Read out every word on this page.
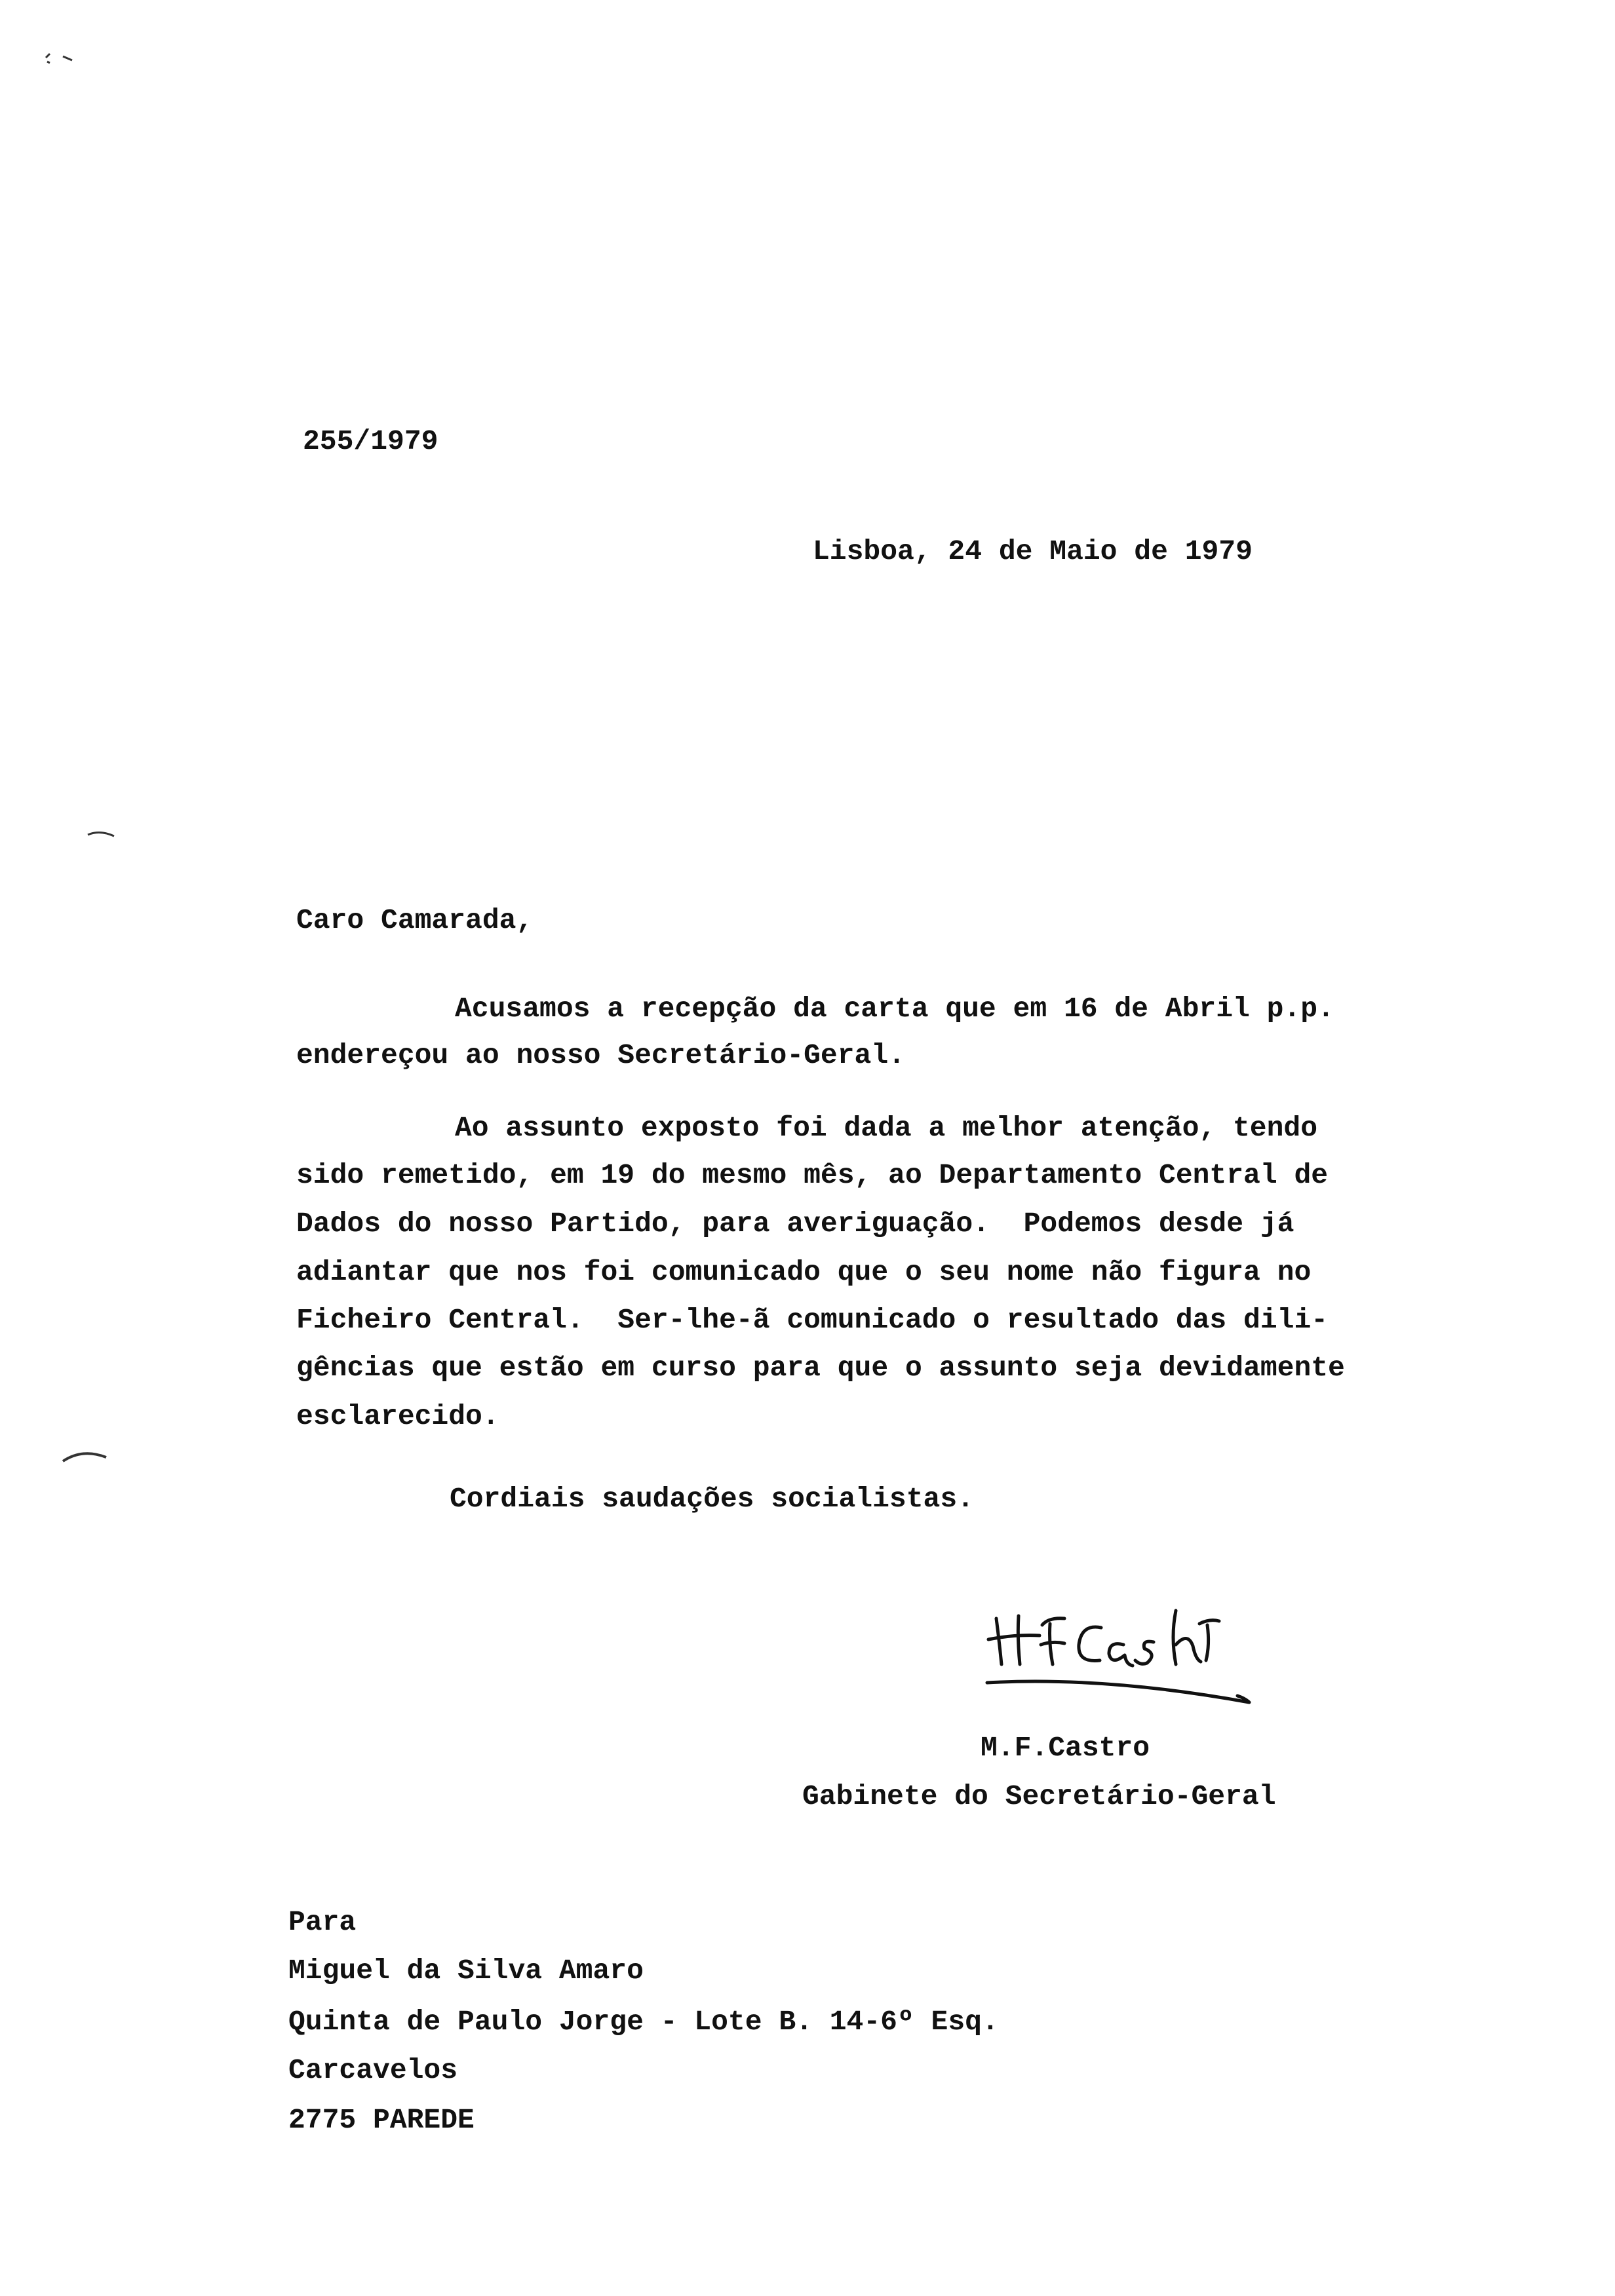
255/1979
Lisboa, 24 de Maio de 1979
Caro Camarada,
Acusamos a recepção da carta que em 16 de Abril p.p.
endereçou ao nosso Secretário-Geral.
Ao assunto exposto foi dada a melhor atenção, tendo
sido remetido, em 19 do mesmo mês, ao Departamento Central de
Dados do nosso Partido, para averiguação.  Podemos desde já
adiantar que nos foi comunicado que o seu nome não figura no
Ficheiro Central.  Ser-lhe-ã comunicado o resultado das dili-
gências que estão em curso para que o assunto seja devidamente
esclarecido.
Cordiais saudações socialistas.
M.F.Castro
Gabinete do Secretário-Geral
Para
Miguel da Silva Amaro
Quinta de Paulo Jorge - Lote B. 14-6º Esq.
Carcavelos
2775 PAREDE
